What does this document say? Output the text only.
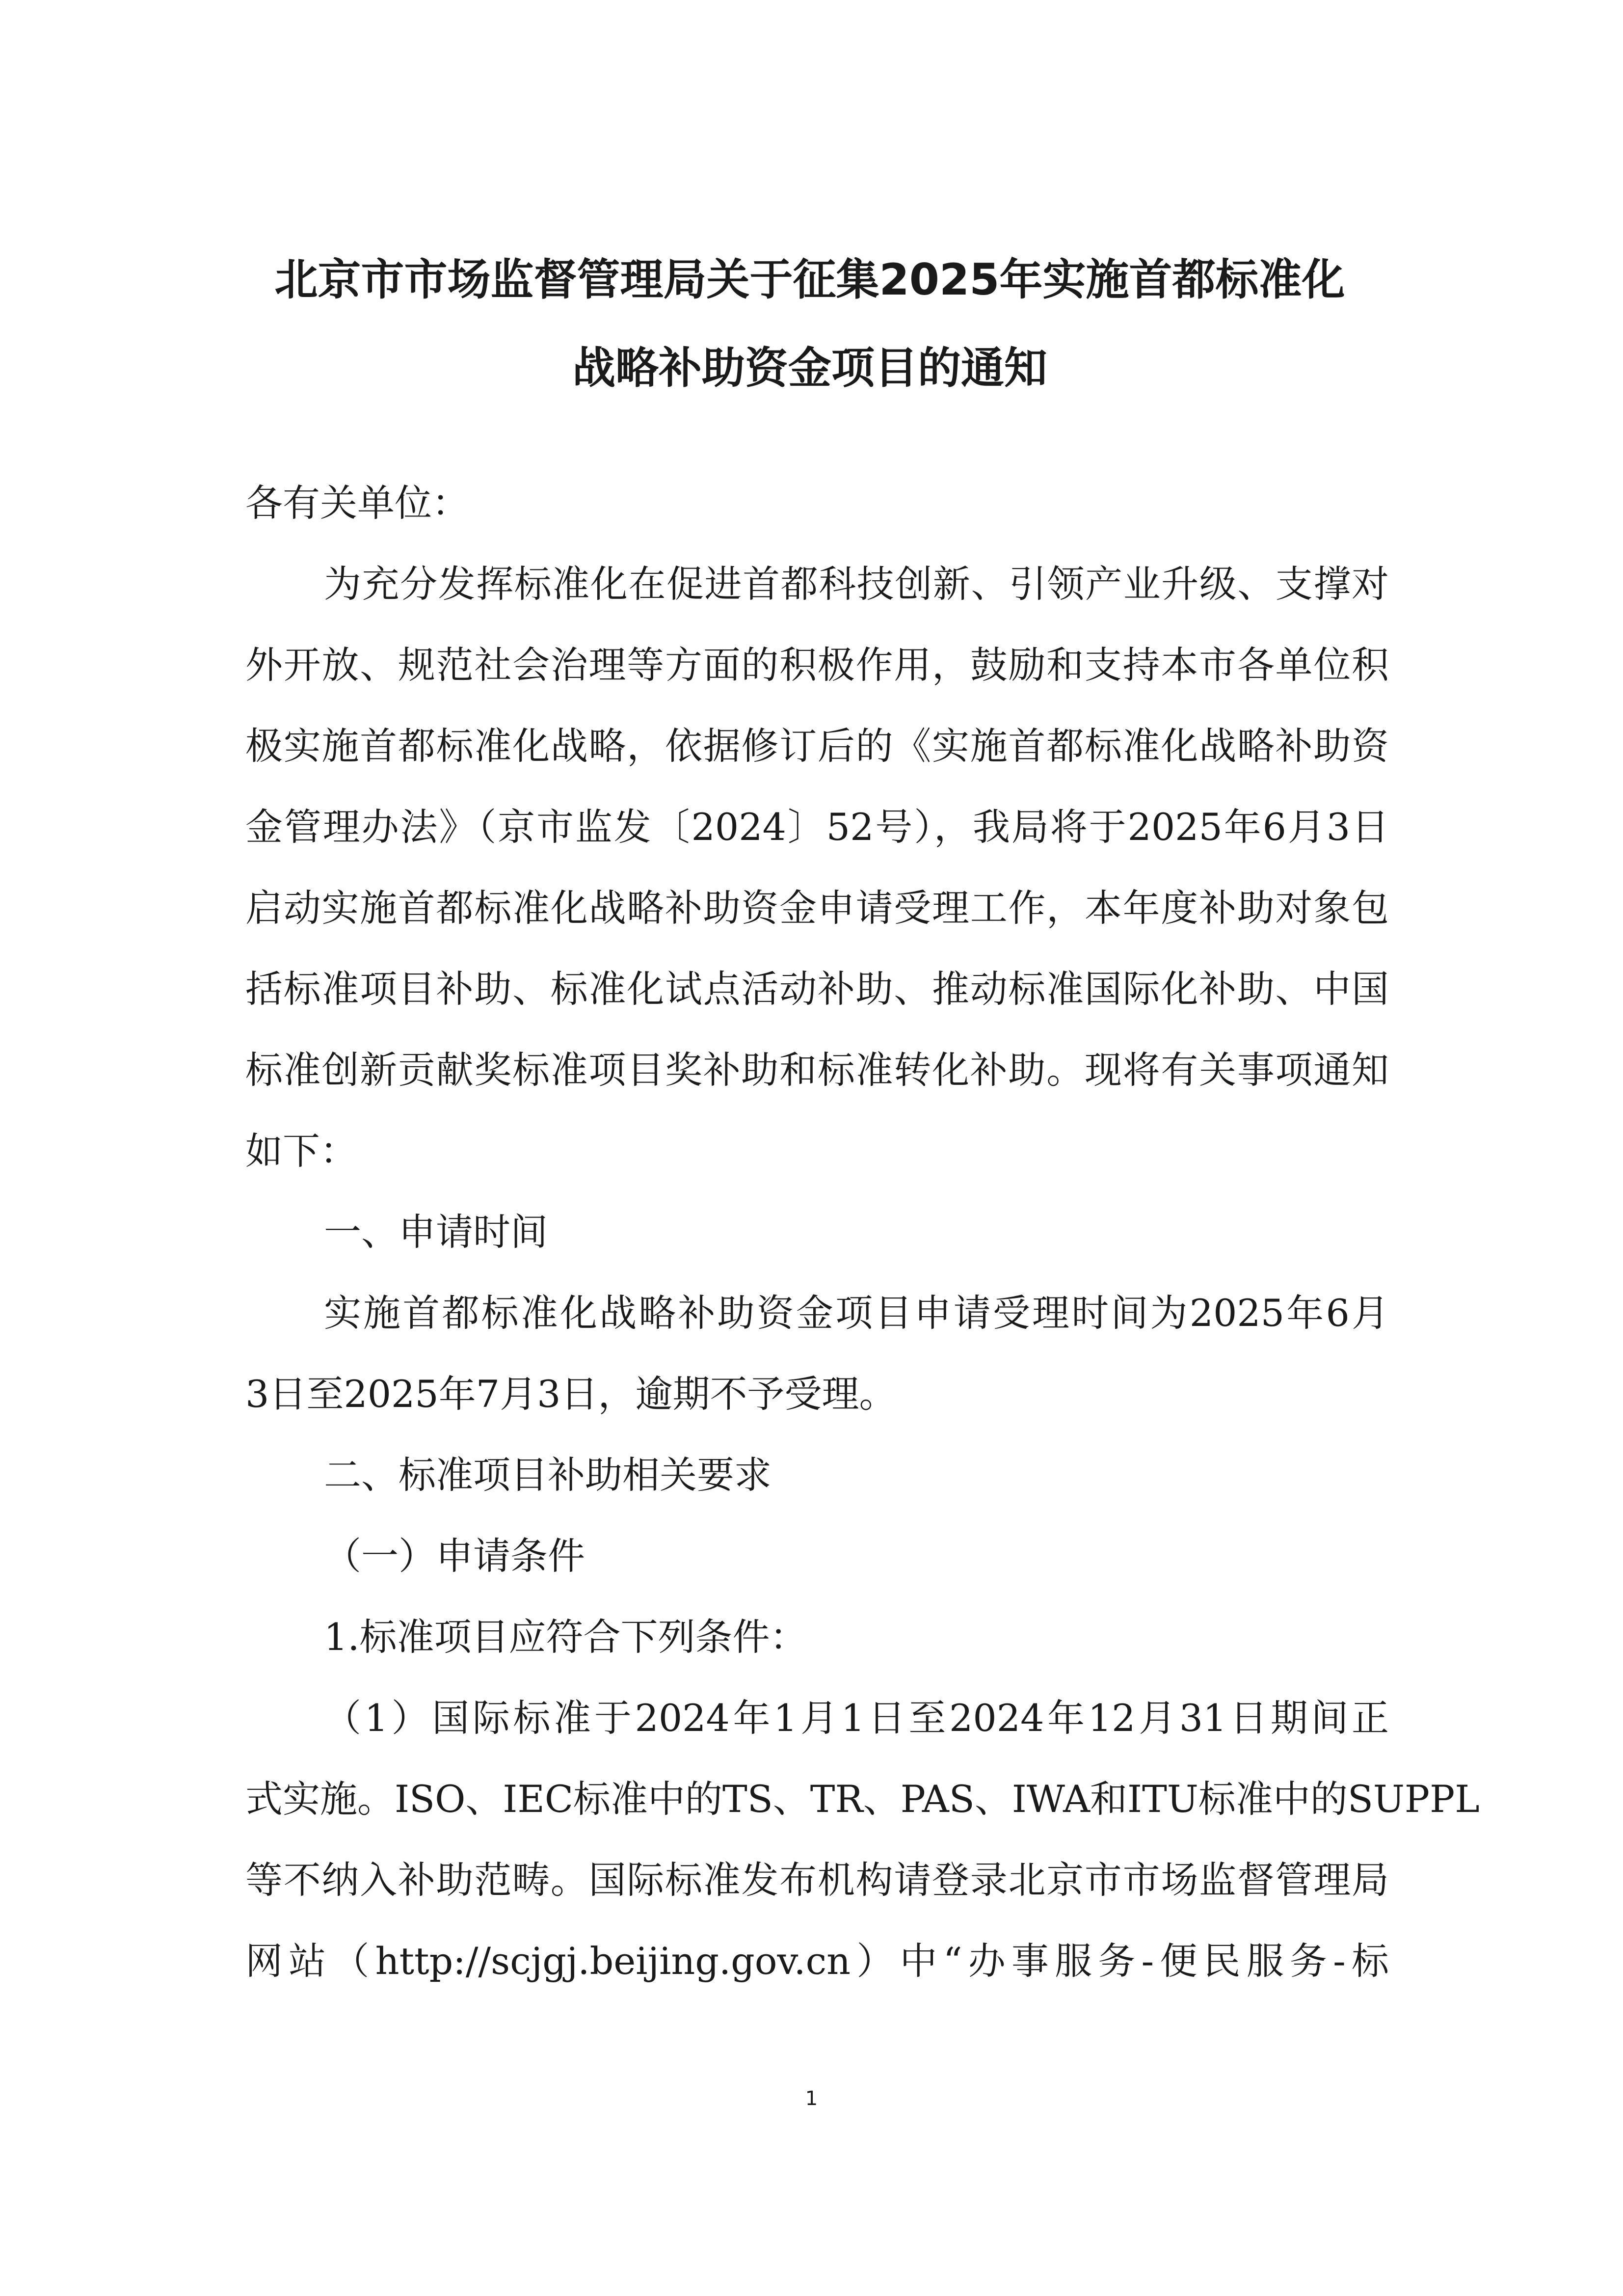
北京市市场监督管理局关于征集2025年实施首都标准化
战略补助资金项目的通知
各有关单位：
为充分发挥标准化在促进首都科技创新、引领产业升级、支撑对
外开放、规范社会治理等方面的积极作用，鼓励和支持本市各单位积
极实施首都标准化战略，依据修订后的《实施首都标准化战略补助资
金管理办法》（京市监发〔2024〕52号），我局将于2025年6月3日
启动实施首都标准化战略补助资金申请受理工作，本年度补助对象包
括标准项目补助、标准化试点活动补助、推动标准国际化补助、中国
标准创新贡献奖标准项目奖补助和标准转化补助。现将有关事项通知
如下：
一、申请时间
实施首都标准化战略补助资金项目申请受理时间为2025年6月
3日至2025年7月3日，逾期不予受理。
二、标准项目补助相关要求
（一）申请条件
1.标准项目应符合下列条件：
（1）国际标准于2024年1月1日至2024年12月31日期间正
式实施。ISO、IEC标准中的TS、TR、PAS、IWA和ITU标准中的SUPPL
等不纳入补助范畴。国际标准发布机构请登录北京市市场监督管理局
网站（http://scjgj.beijing.gov.cn）中“办事服务-便民服务-标
1
